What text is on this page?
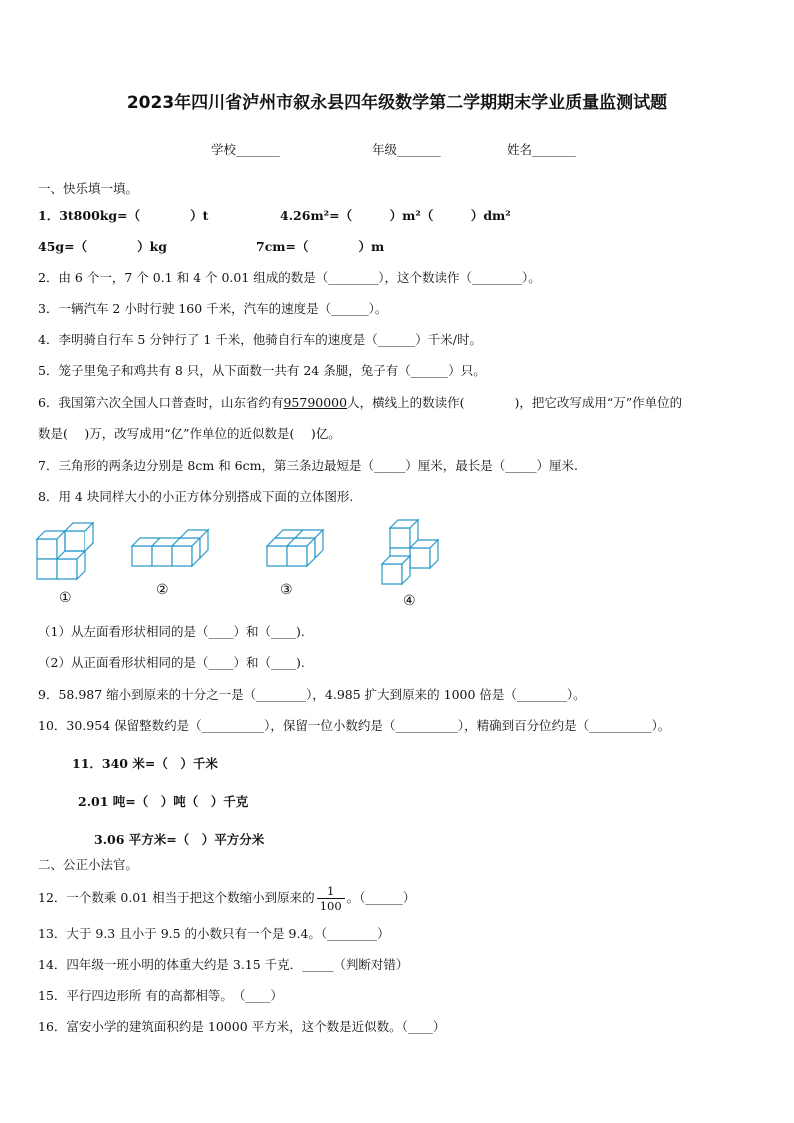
2023年四川省泸州市叙永县四年级数学第二学期期末学业质量监测试题
学校_______	年级_______	姓名_______
一、快乐填一填。
1．3t800kg=（　　　　）t	4.26m²=（　　　）m²（　　　）dm²
45g=（　　　　）kg	7cm=（　　　　）m
2．由 6 个一，7 个 0.1 和 4 个 0.01 组成的数是（________），这个数读作（________）。
3．一辆汽车 2 小时行驶 160 千米，汽车的速度是（______）。
4．李明骑自行车 5 分钟行了 1 千米，他骑自行车的速度是（______）千米/时。
5．笼子里兔子和鸡共有 8 只，从下面数一共有 24 条腿，兔子有（______）只。
6．我国第六次全国人口普查时，山东省约有95790000人，横线上的数读作(　　　　)，把它改写成用“万”作单位的
数是(　 )万，改写成用“亿”作单位的近似数是(　 )亿。
7．三角形的两条边分别是 8cm 和 6cm，第三条边最短是（_____）厘米，最长是（_____）厘米.
8．用 4 块同样大小的小正方体分别搭成下面的立体图形.
①	②	③
④
（1）从左面看形状相同的是（____）和（____).
（2）从正面看形状相同的是（____）和（____).
9．58.987 缩小到原来的十分之一是（________），4.985 扩大到原来的 1000 倍是（________）。
10．30.954 保留整数约是（__________），保留一位小数约是（__________），精确到百分位约是（__________）。
11．340 米=（　）千米
2.01 吨=（　）吨（　）千克
3.06 平方米=（　）平方分米
二、公正小法官。
12．一个数乘 0.01 相当于把这个数缩小到原来的 $\frac{1}{100}$ 。（______）
13．大于 9.3 且小于 9.5 的小数只有一个是 9.4。（________）
14．四年级一班小明的体重大约是 3.15 千克．_____（判断对错）
15．平行四边形所 有的高都相等。　（____）
16．富安小学的建筑面积约是 10000 平方米，这个数是近似数。（____）
